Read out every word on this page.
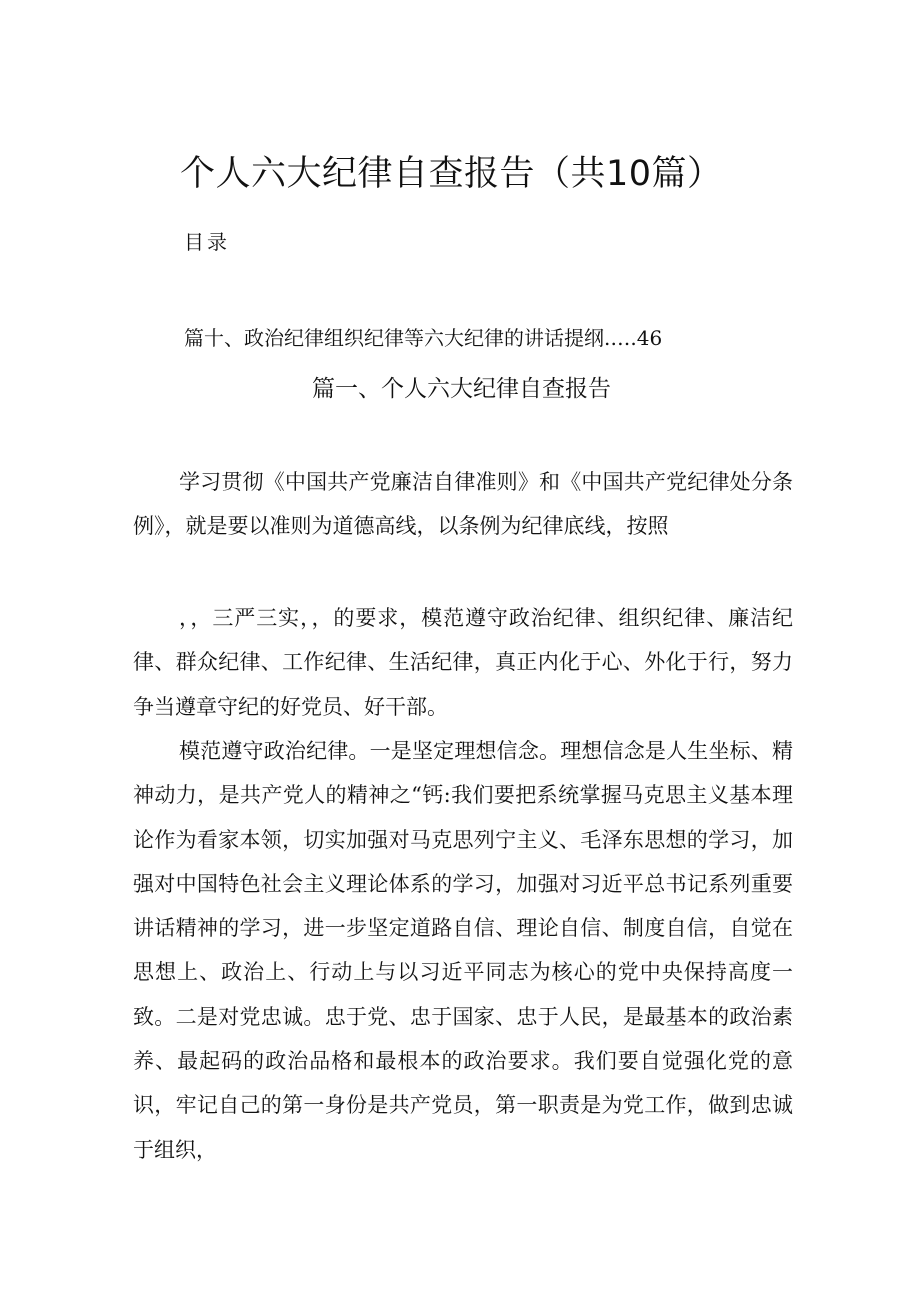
个人六大纪律自查报告（共10篇）
目录
篇十、政治纪律组织纪律等六大纪律的讲话提纲.….46
篇一、个人六大纪律自查报告

学习贯彻《中国共产党廉洁自律准则》和《中国共产党纪律处分条例》，就是要以准则为道德高线，以条例为纪律底线，按照

，，三严三实，，的要求，模范遵守政治纪律、组织纪律、廉洁纪律、群众纪律、工作纪律、生活纪律，真正内化于心、外化于行，努力争当遵章守纪的好党员、好干部。

模范遵守政治纪律。一是坚定理想信念。理想信念是人生坐标、精神动力，是共产党人的精神之“钙:我们要把系统掌握马克思主义基本理论作为看家本领，切实加强对马克思列宁主义、毛泽东思想的学习，加强对中国特色社会主义理论体系的学习，加强对习近平总书记系列重要讲话精神的学习，进一步坚定道路自信、理论自信、制度自信，自觉在思想上、政治上、行动上与以习近平同志为核心的党中央保持高度一致。二是对党忠诚。忠于党、忠于国家、忠于人民，是最基本的政治素养、最起码的政治品格和最根本的政治要求。我们要自觉强化党的意识，牢记自己的第一身份是共产党员，第一职责是为党工作，做到忠诚于组织，
